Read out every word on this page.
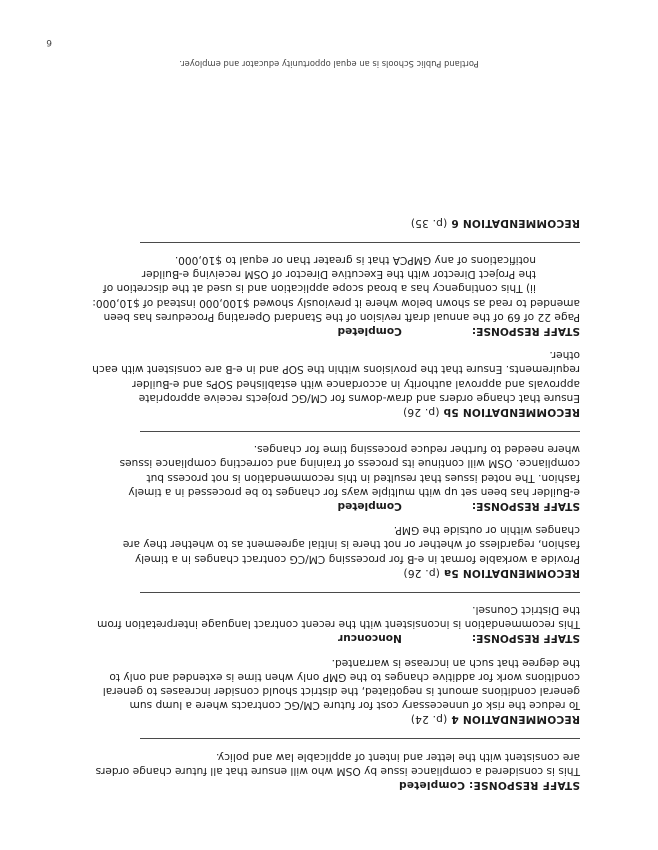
STAFF RESPONSE: Completed

This is considered a compliance issue by OSM who will ensure that all future change orders are consistent with the letter and intent of applicable law and policy.

RECOMMENDATION 4 (p. 24)

To reduce the risk of unnecessary cost for future CM/GC contracts where a lump sum general conditions amount is negotiated, the district should consider increases to general conditions work for additive changes to the GMP only when time is extended and only to the degree that such an increase is warranted.

STAFF RESPONSE:
Nonconcur

This recommendation is inconsistent with the recent contract language interpretation from the District Counsel.

RECOMMENDATION 5a (p. 26)

Provide a workable format in e-B for processing CM/CG contract changes in a timely fashion, regardless of whether or not there is initial agreement as to whether they are changes within or outside the GMP.

STAFF RESPONSE:
Completed

e-Builder has been set up with multiple ways for changes to be processed in a timely fashion. The noted issues that resulted in this recommendation is not process but compliance. OSM will continue its process of training and correcting compliance issues where needed to further reduce processing time for changes.

RECOMMENDATION 5b (p. 26)

Ensure that change orders and draw-downs for CM/GC projects receive appropriate approvals and approval authority in accordance with established SOPs and e-Builder requirements. Ensure that the provisions within the SOP and in e-B are consistent with each other.

STAFF RESPONSE:
Completed

Page 22 of 69 of the annual draft revision of the Standard Operating Procedures has been amended to read as shown below where it previously showed $100,000 instead of $10,000:

ii) This contingency has a broad scope application and is used at the discretion of the Project Director with the Executive Director of OSM receiving e-Builder notifications of any GMPCA that is greater than or equal to $10,000.

RECOMMENDATION 6 (p. 35)
Portland Public Schools is an equal opportunity educator and employer.
6
